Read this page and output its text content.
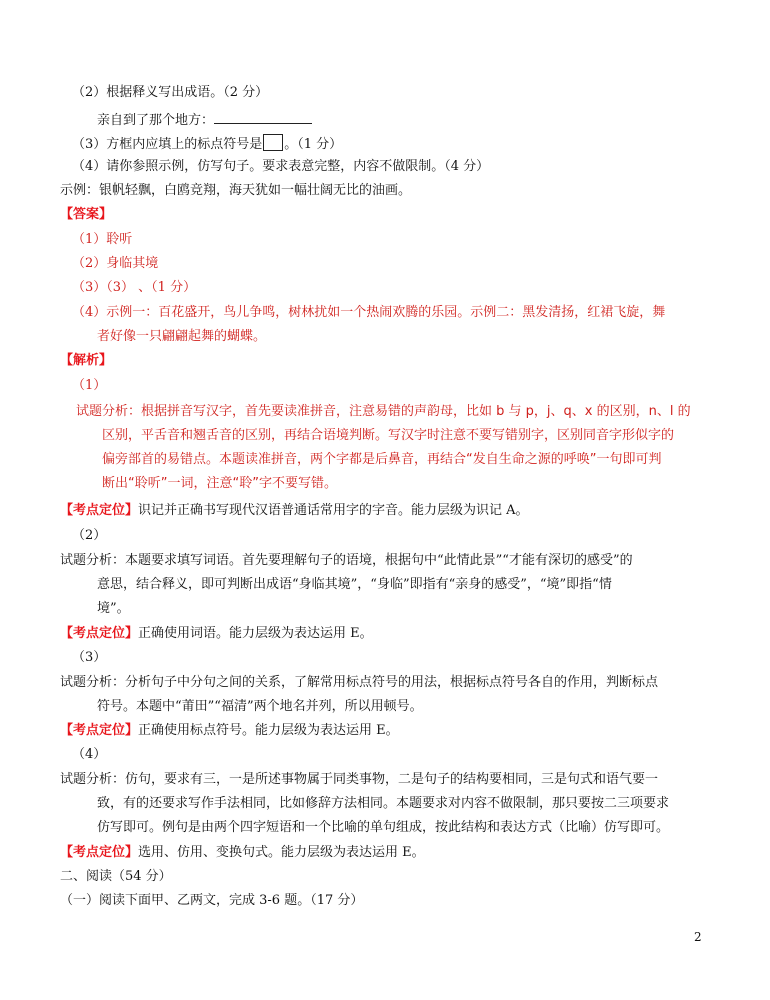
（2）根据释义写出成语。（2 分）
亲自到了那个地方：
（3）方框内应填上的标点符号是 。（1 分）
（4）请你参照示例，仿写句子。要求表意完整，内容不做限制。（4 分）
示例：银帆轻飘，白鸥竞翔，海天犹如一幅壮阔无比的油画。
【答案】
（1）聆听
（2）身临其境
（3）（3） 、（1 分）
（4）示例一：百花盛开，鸟儿争鸣，树林扰如一个热闹欢腾的乐园。示例二：黑发清扬，红裙飞旋，舞
者好像一只翩翩起舞的蝴蝶。
【解析】
（1）
试题分析：根据拼音写汉字，首先要读准拼音，注意易错的声韵母，比如 b 与 p，j、q、x 的区别，n、l 的
区别，平舌音和翘舌音的区别，再结合语境判断。写汉字时注意不要写错别字，区别同音字形似字的
偏旁部首的易错点。本题读准拼音，两个字都是后鼻音，再结合“发自生命之源的呼唤”一句即可判
断出“聆听”一词，注意“聆”字不要写错。
【考点定位】识记并正确书写现代汉语普通话常用字的字音。能力层级为识记 A。
（2）
试题分析：本题要求填写词语。首先要理解句子的语境，根据句中“此情此景”“才能有深切的感受”的
意思，结合释义，即可判断出成语“身临其境”，“身临”即指有“亲身的感受”，“境”即指“情
境”。
【考点定位】正确使用词语。能力层级为表达运用 E。
（3）
试题分析：分析句子中分句之间的关系，了解常用标点符号的用法，根据标点符号各自的作用，判断标点
符号。本题中“莆田”“福清”两个地名并列，所以用顿号。
【考点定位】正确使用标点符号。能力层级为表达运用 E。
（4）
试题分析：仿句，要求有三，一是所述事物属于同类事物，二是句子的结构要相同，三是句式和语气要一
致，有的还要求写作手法相同，比如修辞方法相同。本题要求对内容不做限制，那只要按二三项要求
仿写即可。例句是由两个四字短语和一个比喻的单句组成，按此结构和表达方式（比喻）仿写即可。
【考点定位】选用、仿用、变换句式。能力层级为表达运用 E。
二、阅读（54 分）
（一）阅读下面甲、乙两文，完成 3-6 题。（17 分）
2
